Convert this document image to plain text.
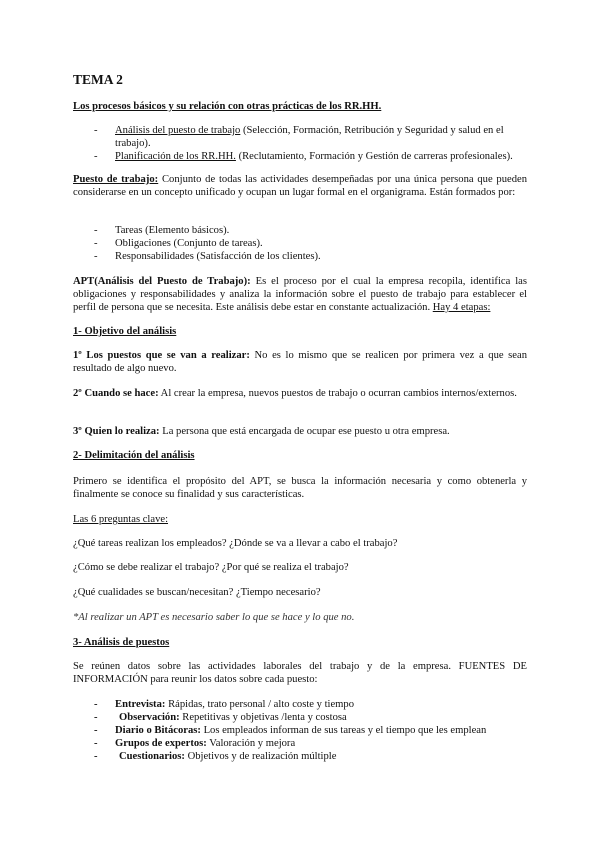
TEMA 2
Los procesos básicos y su relación con otras prácticas de los RR.HH.
- Análisis del puesto de trabajo (Selección, Formación, Retribución y Seguridad y salud en el trabajo).
- Planificación de los RR.HH. (Reclutamiento, Formación y Gestión de carreras profesionales).

Puesto de trabajo: Conjunto de todas las actividades desempeñadas por una única persona que pueden considerarse en un concepto unificado y ocupan un lugar formal en el organigrama. Están formados por:

- Tareas (Elemento básicos).
- Obligaciones (Conjunto de tareas).
- Responsabilidades (Satisfacción de los clientes).

APT(Análisis del Puesto de Trabajo): Es el proceso por el cual la empresa recopila, identifica las obligaciones y responsabilidades y analiza la información sobre el puesto de trabajo para establecer el perfil de persona que se necesita. Este análisis debe estar en constante actualización. Hay 4 etapas:

1- Objetivo del análisis

1º Los puestos que se van a realizar: No es lo mismo que se realicen por primera vez a que sean resultado de algo nuevo.

2º Cuando se hace: Al crear la empresa, nuevos puestos de trabajo o ocurran cambios internos/externos.

3º Quien lo realiza: La persona que está encargada de ocupar ese puesto u otra empresa.

2- Delimitación del análisis

Primero se identifica el propósito del APT, se busca la información necesaria y como obtenerla y finalmente se conoce su finalidad y sus características.

Las 6 preguntas clave:
¿Qué tareas realizan los empleados? ¿Dónde se va a llevar a cabo el trabajo?
¿Cómo se debe realizar el trabajo? ¿Por qué se realiza el trabajo?
¿Qué cualidades se buscan/necesitan? ¿Tiempo necesario?
*Al realizar un APT es necesario saber lo que se hace y lo que no.
3- Análisis de puestos

Se reúnen datos sobre las actividades laborales del trabajo y de la empresa. FUENTES DE INFORMACIÓN para reunir los datos sobre cada puesto:

- Entrevista: Rápidas, trato personal / alto coste y tiempo
- Observación: Repetitivas y objetivas /lenta y costosa
- Diario o Bitácoras: Los empleados informan de sus tareas y el tiempo que les emplean
- Grupos de expertos: Valoración y mejora
- Cuestionarios: Objetivos y de realización múltiple
